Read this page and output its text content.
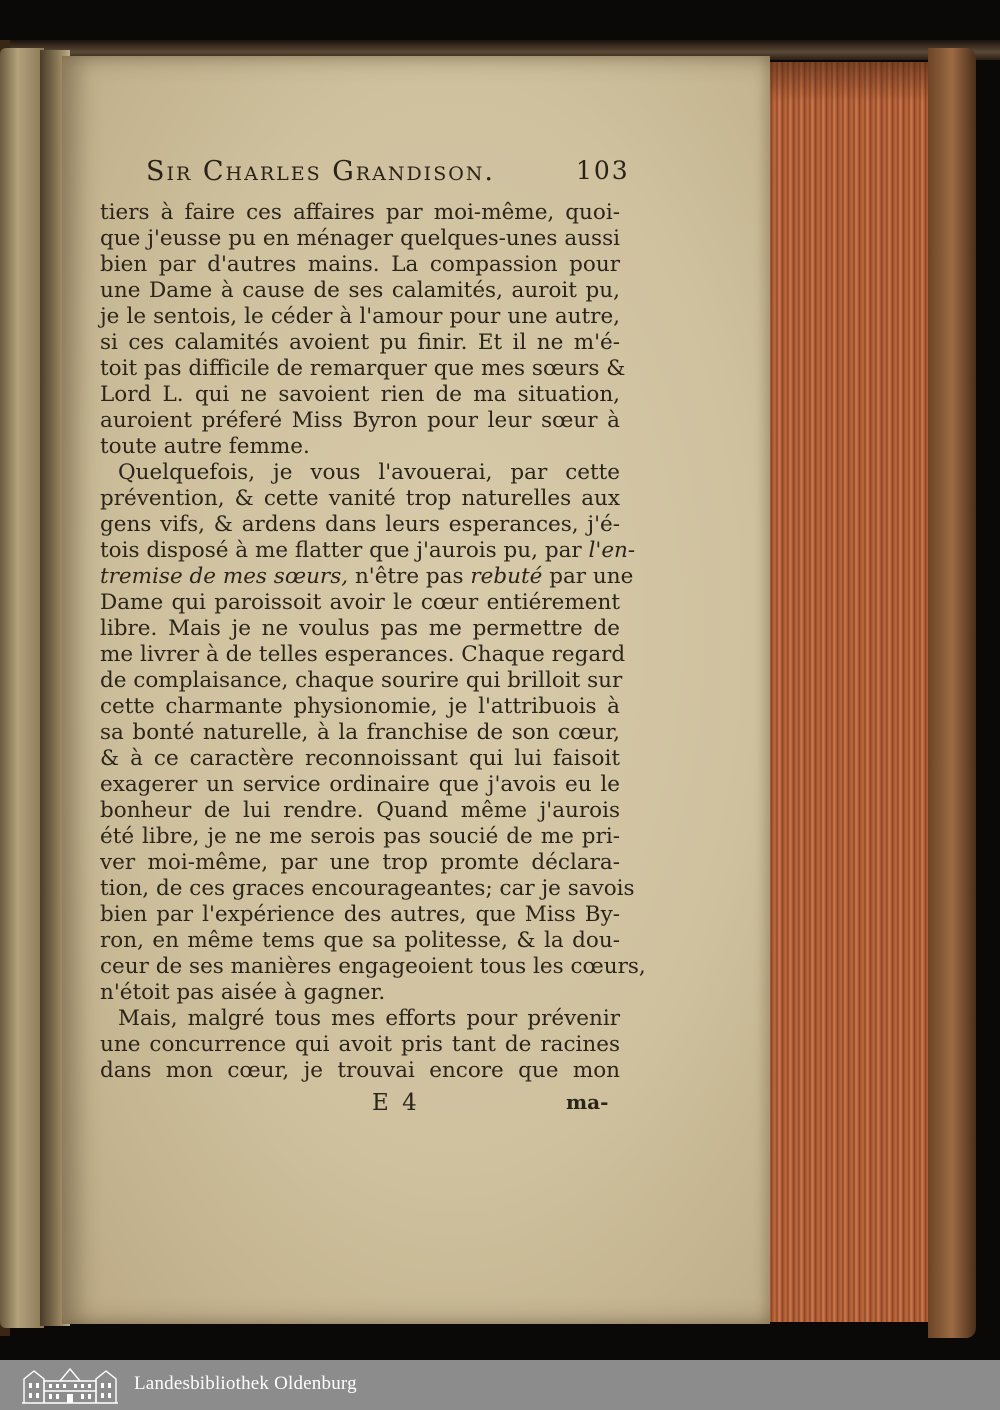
Sir Charles Grandison.	103
tiers à faire ces affaires par moi-même, quoi-
que j'eusse pu en ménager quelques-unes aussi
bien par d'autres mains. La compassion pour
une Dame à cause de ses calamités, auroit pu,
je le sentois, le céder à l'amour pour une autre,
si ces calamités avoient pu finir. Et il ne m'é-
toit pas difficile de remarquer que mes sœurs &
Lord L. qui ne savoient rien de ma situation,
auroient préferé Miss Byron pour leur sœur à
toute autre femme.
Quelquefois, je vous l'avouerai, par cette
prévention, & cette vanité trop naturelles aux
gens vifs, & ardens dans leurs esperances, j'é-
tois disposé à me flatter que j'aurois pu, par l'en-
tremise de mes sœurs, n'être pas rebuté par une
Dame qui paroissoit avoir le cœur entiérement
libre. Mais je ne voulus pas me permettre de
me livrer à de telles esperances. Chaque regard
de complaisance, chaque sourire qui brilloit sur
cette charmante physionomie, je l'attribuois à
sa bonté naturelle, à la franchise de son cœur,
& à ce caractère reconnoissant qui lui faisoit
exagerer un service ordinaire que j'avois eu le
bonheur de lui rendre. Quand même j'aurois
été libre, je ne me serois pas soucié de me pri-
ver moi-même, par une trop promte déclara-
tion, de ces graces encourageantes; car je savois
bien par l'expérience des autres, que Miss By-
ron, en même tems que sa politesse, & la dou-
ceur de ses manières engageoient tous les cœurs,
n'étoit pas aisée à gagner.
Mais, malgré tous mes efforts pour prévenir
une concurrence qui avoit pris tant de racines
dans mon cœur, je trouvai encore que mon
E 4	ma-
Landesbibliothek Oldenburg
